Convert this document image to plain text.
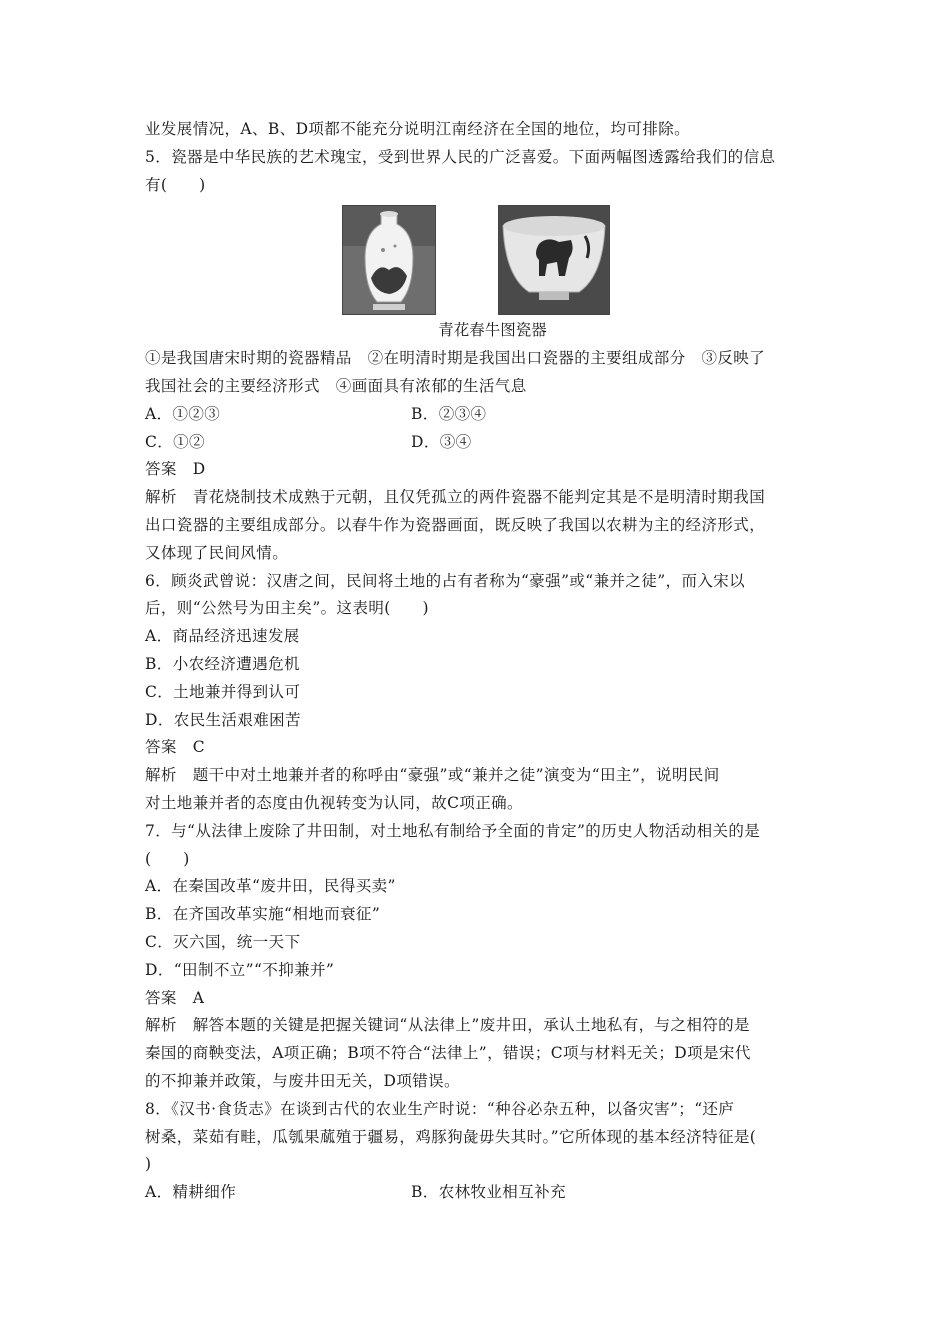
业发展情况，A、B、D项都不能充分说明江南经济在全国的地位，均可排除。
5．瓷器是中华民族的艺术瑰宝，受到世界人民的广泛喜爱。下面两幅图透露给我们的信息
有(　　)
青花春牛图瓷器
①是我国唐宋时期的瓷器精品　②在明清时期是我国出口瓷器的主要组成部分　③反映了
我国社会的主要经济形式　④画面具有浓郁的生活气息
A．①②③	B．②③④
C．①②	D．③④
答案　D
解析　青花烧制技术成熟于元朝，且仅凭孤立的两件瓷器不能判定其是不是明清时期我国
出口瓷器的主要组成部分。以春牛作为瓷器画面，既反映了我国以农耕为主的经济形式，
又体现了民间风情。
6．顾炎武曾说：汉唐之间，民间将土地的占有者称为“豪强”或“兼并之徒”，而入宋以
后，则“公然号为田主矣”。这表明(　　)
A．商品经济迅速发展
B．小农经济遭遇危机
C．土地兼并得到认可
D．农民生活艰难困苦
答案　C
解析　题干中对土地兼并者的称呼由“豪强”或“兼并之徒”演变为“田主”，说明民间
对土地兼并者的态度由仇视转变为认同，故C项正确。
7．与“从法律上废除了井田制，对土地私有制给予全面的肯定”的历史人物活动相关的是
(　　)
A．在秦国改革“废井田，民得买卖”
B．在齐国改革实施“相地而衰征”
C．灭六国，统一天下
D．“田制不立”“不抑兼并”
答案　A
解析　解答本题的关键是把握关键词“从法律上”废井田，承认土地私有，与之相符的是
秦国的商鞅变法，A项正确；B项不符合“法律上”，错误；C项与材料无关；D项是宋代
的不抑兼并政策，与废井田无关，D项错误。
8．《汉书·食货志》在谈到古代的农业生产时说：“种谷必杂五种，以备灾害”；“还庐
树桑，菜茹有畦，瓜瓠果蓏殖于疆易，鸡豚狗彘毋失其时。”它所体现的基本经济特征是(
)
A．精耕细作	B．农林牧业相互补充
